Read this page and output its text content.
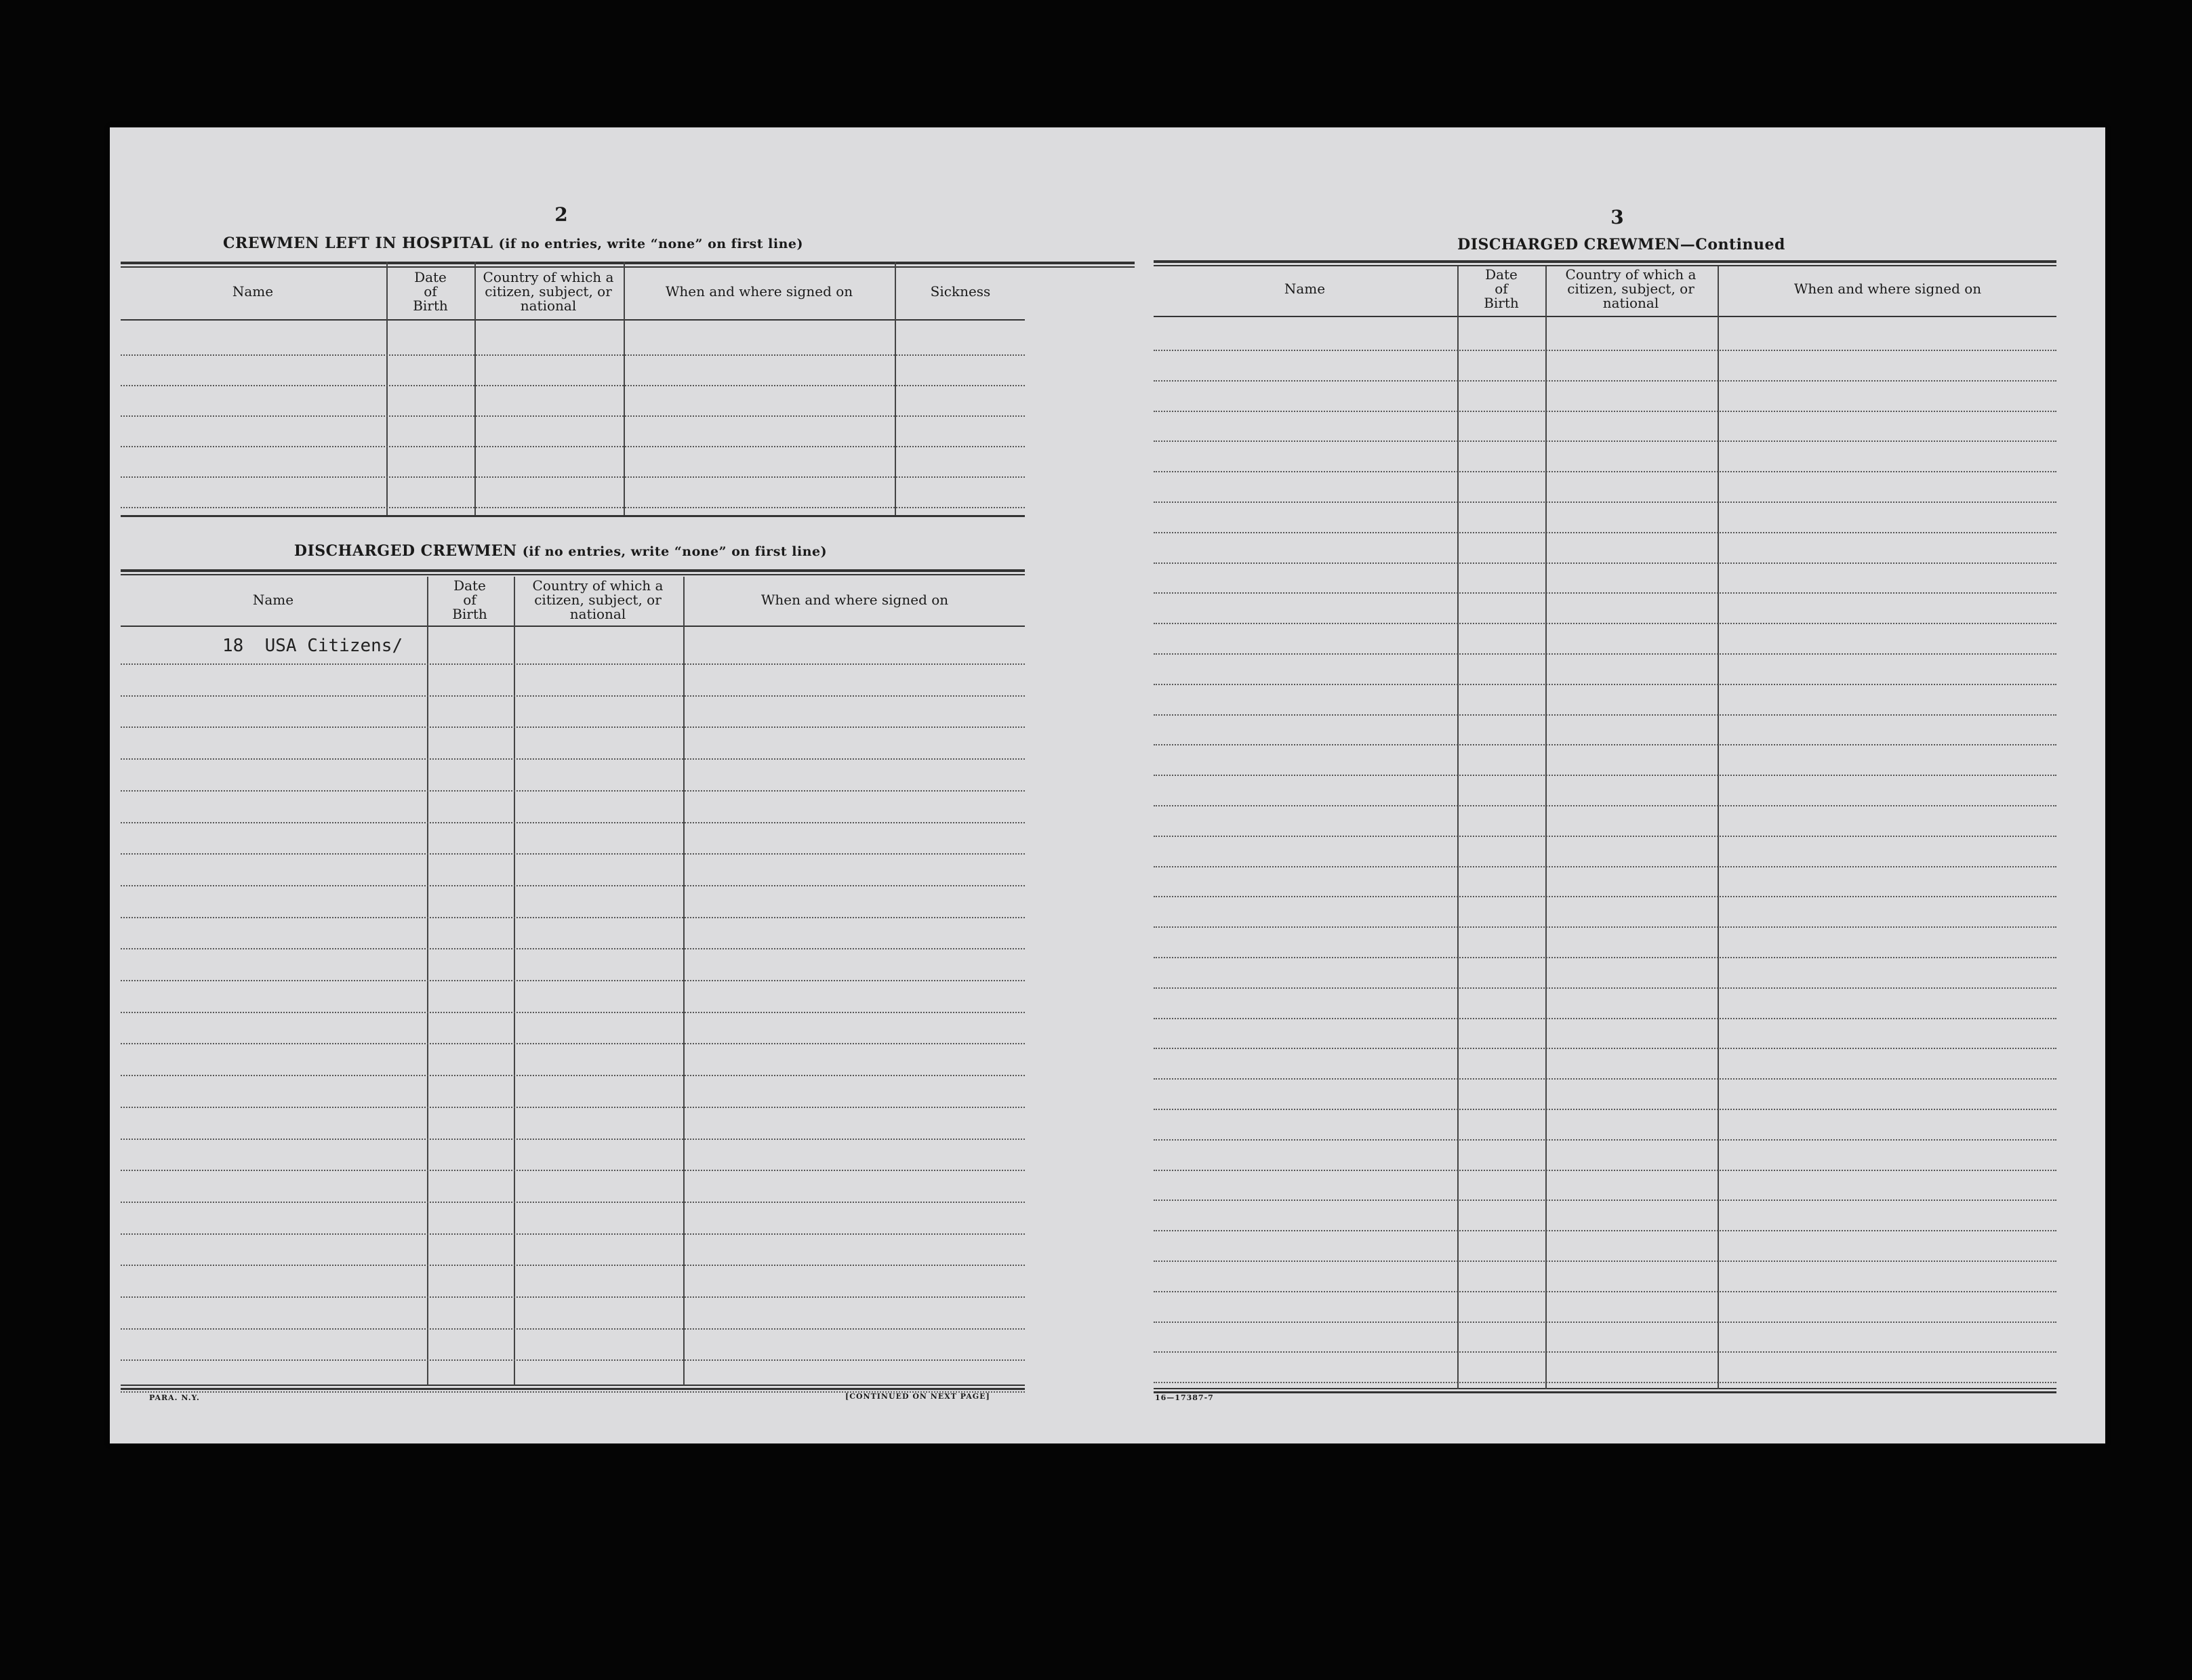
2
CREWMEN LEFT IN HOSPITAL (if no entries, write “none” on first line)
Name
Date
of
Birth
Country of which a
citizen, subject, or
national
When and where signed on	Sickness
DISCHARGED CREWMEN (if no entries, write “none” on first line)
Name
Date
of
Birth
Country of which a
citizen, subject, or
national
When and where signed on
18  USA Citizens/
PARA. N.Y.	[CONTINUED ON NEXT PAGE]
3
DISCHARGED CREWMEN—Continued
Name
Date
of
Birth
Country of which a
citizen, subject, or
national
When and where signed on
16—17387-7
